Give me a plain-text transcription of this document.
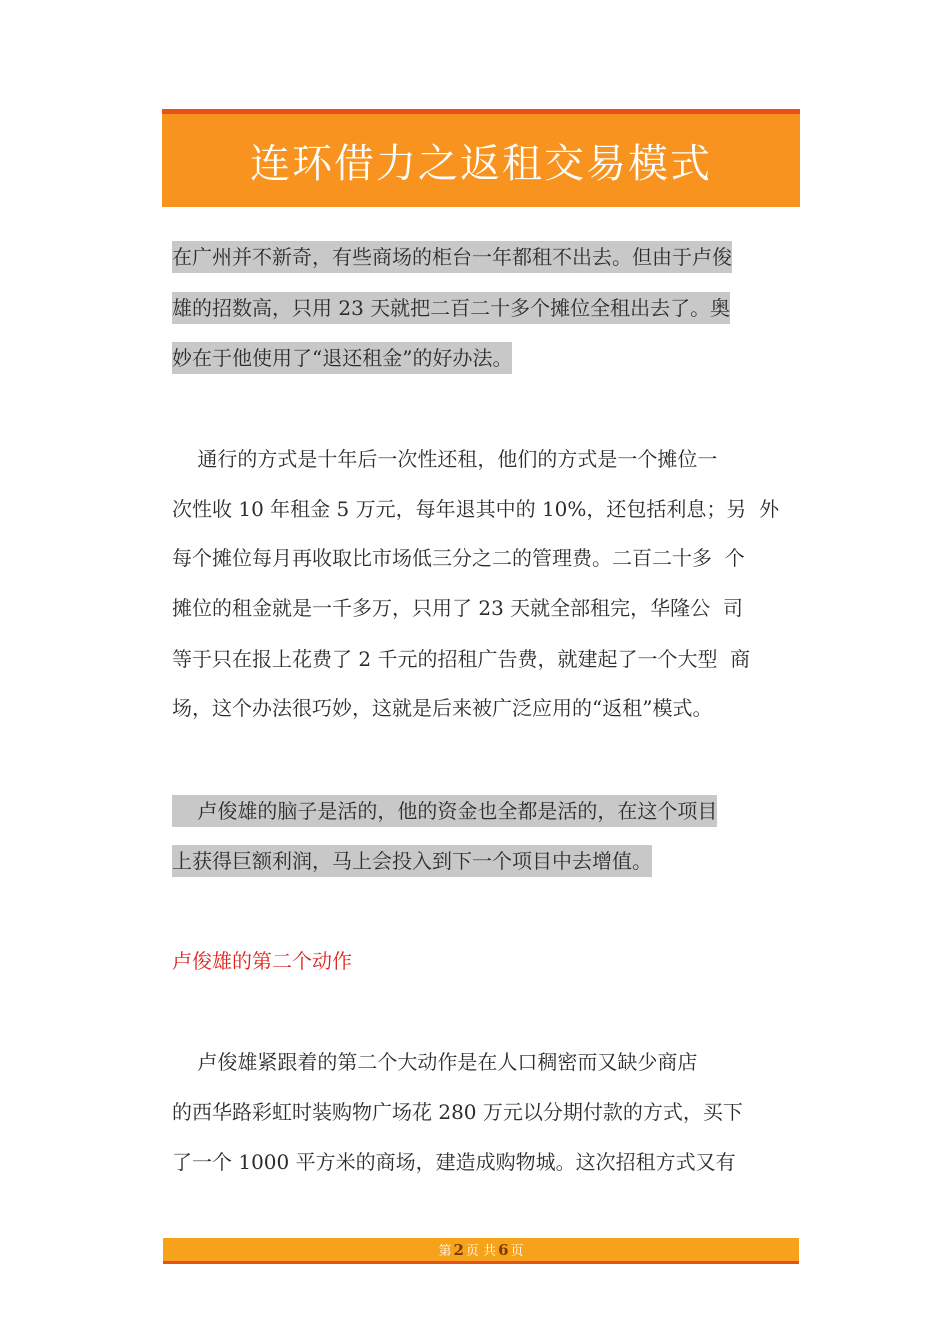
连环借力之返租交易模式
在广州并不新奇，有些商场的柜台一年都租不出去。但由于卢俊
雄的招数高，只用 23 天就把二百二十多个摊位全租出去了。奥
妙在于他使用了“退还租金”的好办法。
通行的方式是十年后一次性还租，他们的方式是一个摊位一
次性收 10 年租金 5 万元，每年退其中的 10%，还包括利息；另  外
每个摊位每月再收取比市场低三分之二的管理费。二百二十多  个
摊位的租金就是一千多万，只用了 23 天就全部租完，华隆公  司
等于只在报上花费了 2 千元的招租广告费，就建起了一个大型  商
场，这个办法很巧妙，这就是后来被广泛应用的“返租”模式。
卢俊雄的脑子是活的，他的资金也全都是活的，在这个项目
上获得巨额利润，马上会投入到下一个项目中去增值。
卢俊雄的第二个动作
卢俊雄紧跟着的第二个大动作是在人口稠密而又缺少商店
的西华路彩虹时装购物广场花 280 万元以分期付款的方式，买下
了一个 1000 平方米的商场，建造成购物城。这次招租方式又有
第 2 页 共 6 页
